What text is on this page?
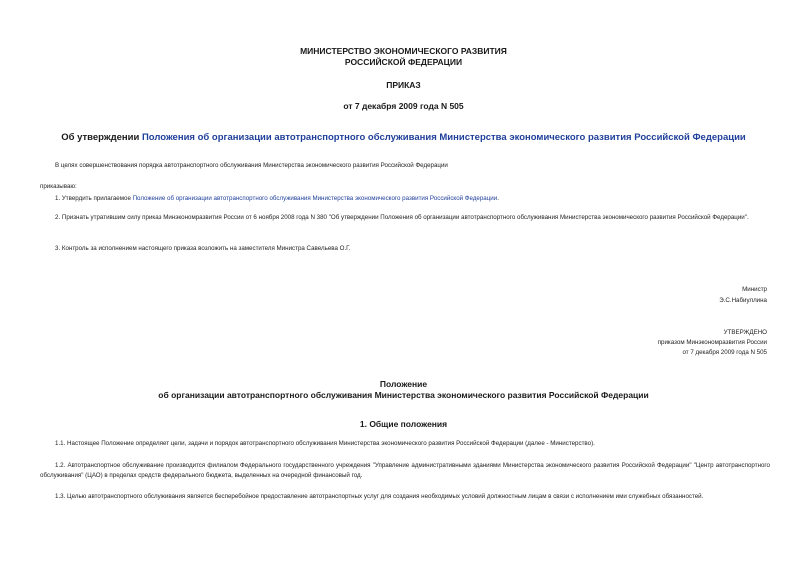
МИНИСТЕРСТВО ЭКОНОМИЧЕСКОГО РАЗВИТИЯ
РОССИЙСКОЙ ФЕДЕРАЦИИ
ПРИКАЗ
от 7 декабря 2009 года N 505
Об утверждении Положения об организации автотранспортного обслуживания Министерства экономического развития Российской Федерации
В целях совершенствования порядка автотранспортного обслуживания Министерства экономического развития Российской Федерации
приказываю:
1. Утвердить прилагаемое Положение об организации автотранспортного обслуживания Министерства экономического развития Российской Федерации.
2. Признать утратившим силу приказ Минэкономразвития России от 6 ноября 2008 года N 380 "Об утверждении Положения об организации автотранспортного обслуживания Министерства экономического развития Российской Федерации".
3. Контроль за исполнением настоящего приказа возложить на заместителя Министра Савельева О.Г.
Министр
Э.С.Набиуллина
УТВЕРЖДЕНО
приказом Минэкономразвития России
от 7 декабря 2009 года N 505
Положение
об организации автотранспортного обслуживания Министерства экономического развития Российской Федерации
1. Общие положения
1.1. Настоящее Положение определяет цели, задачи и порядок автотранспортного обслуживания Министерства экономического развития Российской Федерации (далее - Министерство).
1.2. Автотранспортное обслуживание производится филиалом Федерального государственного учреждения "Управление административными зданиями Министерства экономического развития Российской Федерации" "Центр автотранспортного обслуживания" (ЦАО) в пределах средств федерального бюджета, выделенных на очередной финансовый год.
1.3. Целью автотранспортного обслуживания является бесперебойное предоставление автотранспортных услуг для создания необходимых условий должностным лицам в связи с исполнением ими служебных обязанностей.
